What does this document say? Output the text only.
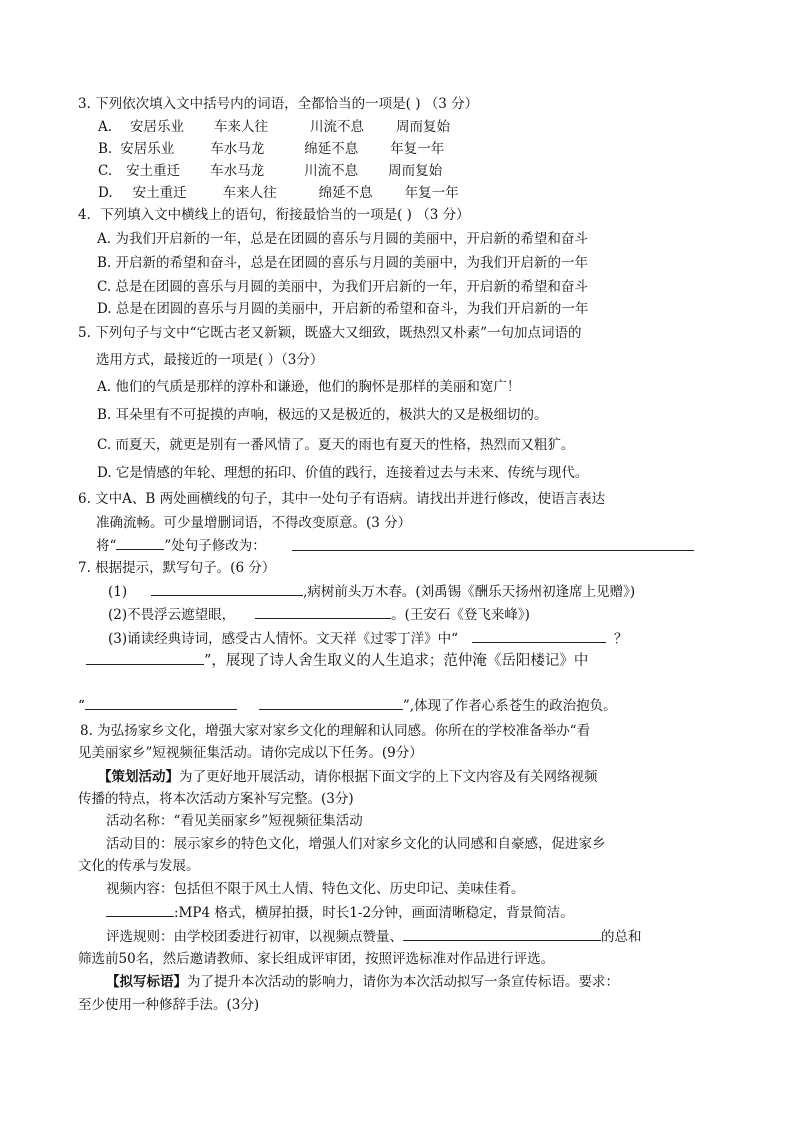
3. 下列依次填入文中括号内的词语，全都恰当的一项是( ) （3 分）
A. 安居乐业 车来人往	川流不息 周而复始
B. 安居乐业	车水马龙	绵延不息 年复一年
C. 安土重迁 车水马龙	川流不息 周而复始
D. 安土重迁	车来人往	绵延不息 年复一年
4．下列填入文中横线上的语句，衔接最恰当的一项是( ) （3 分）
A. 为我们开启新的一年，总是在团圆的喜乐与月圆的美丽中，开启新的希望和奋斗
B. 开启新的希望和奋斗，总是在团圆的喜乐与月圆的美丽中，为我们开启新的一年
C. 总是在团圆的喜乐与月圆的美丽中，为我们开启新的一年，开启新的希望和奋斗
D. 总是在团圆的喜乐与月圆的美丽中，开启新的希望和奋斗，为我们开启新的一年
5. 下列句子与文中“它既古老又新颖，既盛大又细致，既热烈又朴素”一句加点词语的
选用方式，最接近的一项是( ）（3分）
A. 他们的气质是那样的淳朴和谦逊，他们的胸怀是那样的美丽和宽广！
B. 耳朵里有不可捉摸的声响，极远的又是极近的，极洪大的又是极细切的。
C. 而夏天，就更是别有一番风情了。夏天的雨也有夏天的性格，热烈而又粗犷。
D. 它是情感的年轮、理想的拓印、价值的践行，连接着过去与未来、传统与现代。
6. 文中A、B 两处画横线的句子，其中一处句子有语病。请找出并进行修改，使语言表达
准确流畅。可少量增删词语，不得改变原意。(3 分）
将“	”处句子修改为：
7. 根据提示，默写句子。(6 分）
(1)	,病树前头万木春。(刘禹锡《酬乐天扬州初逢席上见赠》)
(2)不畏浮云遮望眼，	。(王安石《登飞来峰》)
(3)诵读经典诗词，感受古人情怀。文天祥《过零丁洋》中“	？
”，展现了诗人舍生取义的人生追求；范仲淹《岳阳楼记》中
“	”,体现了作者心系苍生的政治抱负。
8. 为弘扬家乡文化，增强大家对家乡文化的理解和认同感。你所在的学校准备举办“看
见美丽家乡”短视频征集活动。请你完成以下任务。(9分）
【策划活动】为了更好地开展活动，请你根据下面文字的上下文内容及有关网络视频
传播的特点，将本次活动方案补写完整。(3分)
活动名称：“看见美丽家乡”短视频征集活动
活动目的：展示家乡的特色文化，增强人们对家乡文化的认同感和自豪感，促进家乡
文化的传承与发展。
视频内容：包括但不限于风土人情、特色文化、历史印记、美味佳肴。
:MP4 格式，横屏拍摄，时长1-2分钟，画面清晰稳定，背景简洁。
评选规则：由学校团委进行初审，以视频点赞量、	的总和
筛选前50名，然后邀请教师、家长组成评审团，按照评选标准对作品进行评选。
【拟写标语】为了提升本次活动的影响力，请你为本次活动拟写一条宣传标语。要求：
至少使用一种修辞手法。(3分)
